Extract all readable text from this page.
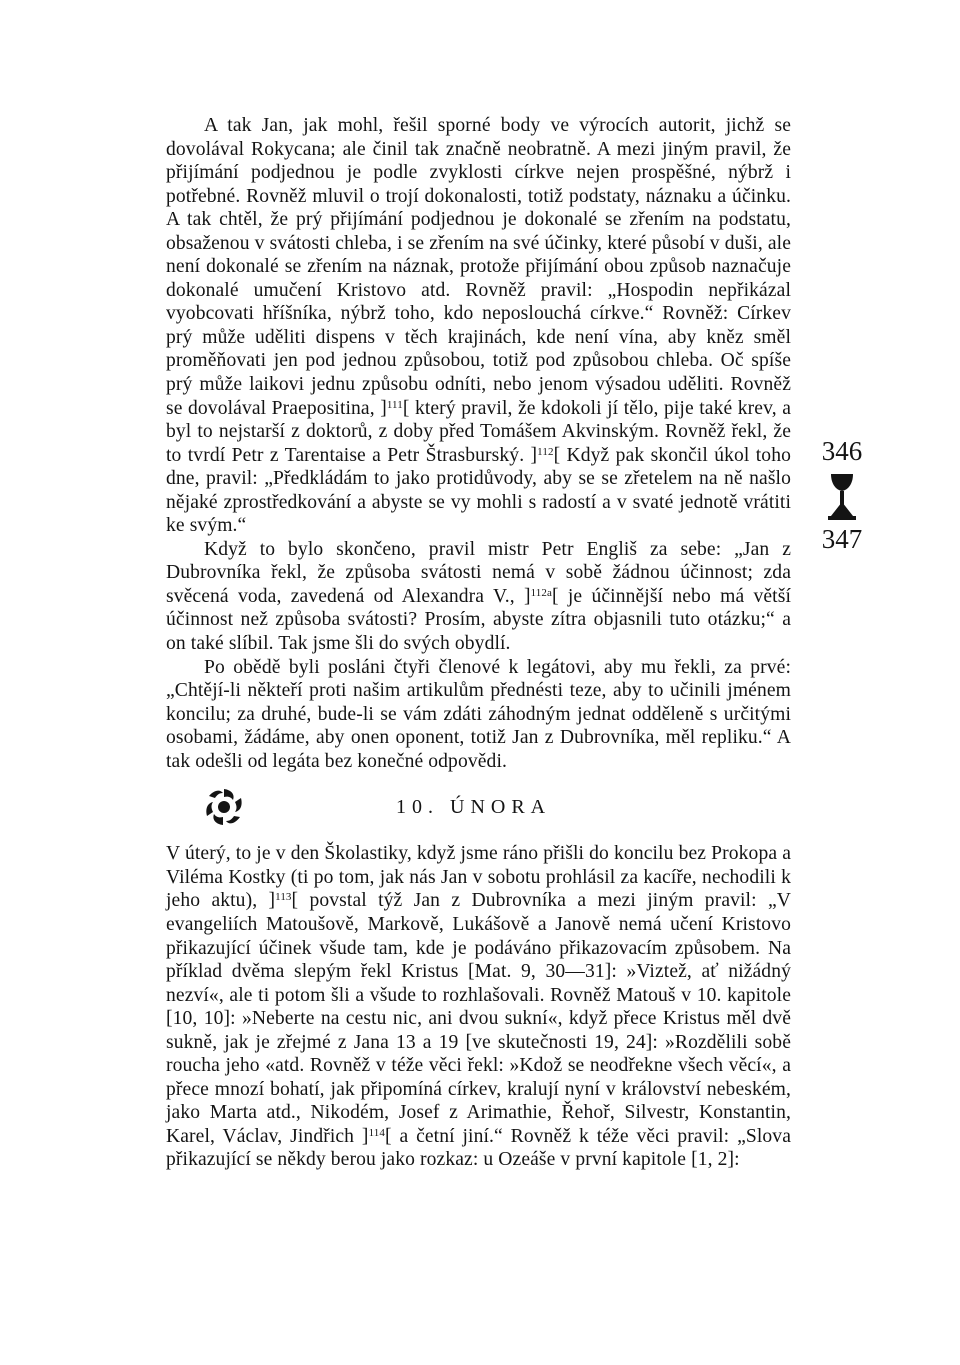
A tak Jan, jak mohl, řešil sporné body ve výrocích autorit, jichž se dovolával Rokycana; ale činil tak značně neobratně. A mezi jiným pravil, že přijímání podjednou je podle zvyklosti církve nejen prospěšné, nýbrž i potřebné. Rovněž mluvil o trojí dokonalosti, totiž podstaty, náznaku a účinku. A tak chtěl, že prý přijímání podjednou je dokonalé se zřením na podstatu, obsaženou v svátosti chleba, i se zřením na své účinky, které působí v duši, ale není dokonalé se zřením na náznak, protože přijímání obou způsob naznačuje dokonalé umučení Kristovo atd. Rovněž pravil: „Hospodin nepřikázal vyobcovati hříšníka, nýbrž toho, kdo neposlouchá církve.“ Rovněž: Církev prý může uděliti dispens v těch krajinách, kde není vína, aby kněz směl proměňovati jen pod jednou způsobou, totiž pod způsobou chleba. Oč spíše prý může laikovi jednu způsobu odníti, nebo jenom výsadou uděliti. Rovněž se dovolával Praepositina, ]$^{111}$[ který pravil, že kdokoli jí tělo, pije také krev, a byl to nejstarší z doktorů, z doby před Tomášem Akvinským. Rovněž řekl, že to tvrdí Petr z Tarentaise a Petr Štrasburský. ]$^{112}$[ Když pak skončil úkol toho dne, pravil: „Předkládám to jako protidůvody, aby se se zřetelem na ně našlo nějaké zprostředkování a abyste se vy mohli s radostí a v svaté jednotě vrátiti ke svým.“

Když to bylo skončeno, pravil mistr Petr Engliš za sebe: „Jan z Dubrovníka řekl, že způsoba svátosti nemá v sobě žádnou účinnost; zda svěcená voda, zavedená od Alexandra V., ]$^{112a}$[ je účinnější nebo má větší účinnost než způsoba svátosti? Prosím, abyste zítra objasnili tuto otázku;“ a on také slíbil. Tak jsme šli do svých obydlí.

Po obědě byli posláni čtyři členové k legátovi, aby mu řekli, za prvé: „Chtějí-li někteří proti našim artikulům přednésti teze, aby to učinili jménem koncilu; za druhé, bude-li se vám zdáti záhodným jednat odděleně s určitými osobami, žádáme, aby onen oponent, totiž Jan z Dubrovníka, měl repliku.“ A tak odešli od legáta bez konečné odpovědi.

10. ÚNORA

V úterý, to je v den Školastiky, když jsme ráno přišli do koncilu bez Prokopa a Viléma Kostky (ti po tom, jak nás Jan v sobotu prohlásil za kacíře, nechodili k jeho aktu), ]$^{113}$[ povstal týž Jan z Dubrovníka a mezi jiným pravil: „V evangeliích Matoušově, Markově, Lukášově a Janově nemá učení Kristovo přikazující účinek všude tam, kde je podáváno přikazovacím způsobem. Na příklad dvěma slepým řekl Kristus [Mat. 9, 30—31]: »Viztež, ať nižádný nezví«, ale ti potom šli a všude to rozhlašovali. Rovněž Matouš v 10. kapitole [10, 10]: »Neberte na cestu nic, ani dvou sukní«, když přece Kristus měl dvě sukně, jak je zřejmé z Jana 13 a 19 [ve skutečnosti 19, 24]: »Rozdělili sobě roucha jeho «atd. Rovněž v téže věci řekl: »Kdož se neodřekne všech věcí«, a přece mnozí bohatí, jak připomíná církev, kralují nyní v království nebeském, jako Marta atd., Nikodém, Josef z Arimathie, Řehoř, Silvestr, Konstantin, Karel, Václav, Jindřich ]$^{114}$[ a četní jiní.“ Rovněž k téže věci pravil: „Slova přikazující se někdy berou jako rozkaz: u Ozeáše v první kapitole [1, 2]:

346
347
